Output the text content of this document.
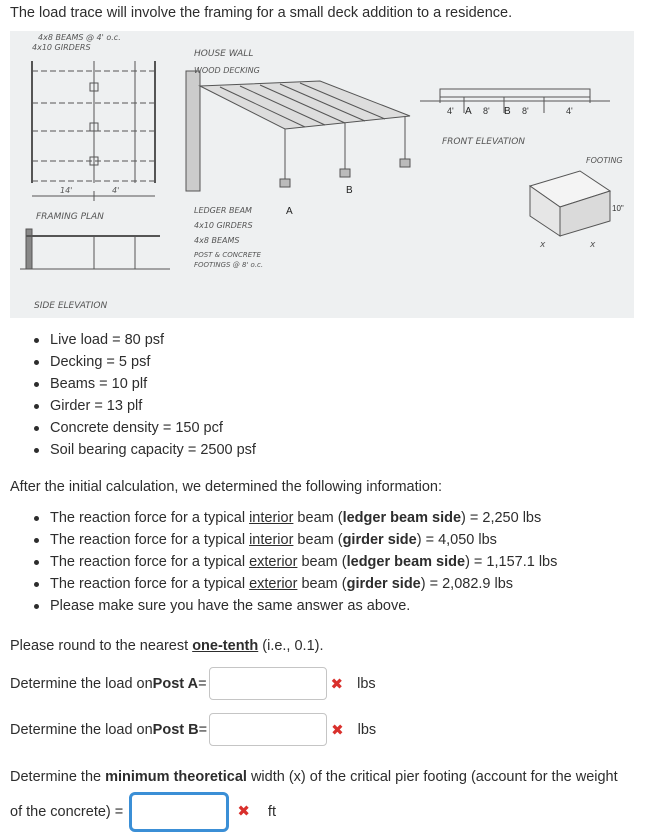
The load trace will involve the framing for a small deck addition to a residence.
4x8 BEAMS @ 4' o.c.
4x10 GIRDERS
14'	4'
FRAMING PLAN
SIDE ELEVATION
HOUSE WALL
WOOD DECKING
LEDGER BEAM
4x10 GIRDERS
4x8 BEAMS
POST & CONCRETE
FOOTINGS @ 8' o.c.
A
B
4' A 8' B 8'	4'
FRONT ELEVATION
FOOTING
10"
x	x
Live load = 80 psf
Decking = 5 psf
Beams = 10 plf
Girder = 13 plf
Concrete density = 150 pcf
Soil bearing capacity = 2500 psf
After the initial calculation, we determined the following information:
The reaction force for a typical interior beam (ledger beam side) = 2,250 lbs
The reaction force for a typical interior beam (girder side) = 4,050 lbs
The reaction force for a typical exterior beam (ledger beam side) = 1,157.1 lbs
The reaction force for a typical exterior beam (girder side) = 2,082.9 lbs
Please make sure you have the same answer as above.
Please round to the nearest one-tenth (i.e., 0.1).
Determine the load on Post A =	✖ lbs
Determine the load on Post B =	✖ lbs
Determine the minimum theoretical width (x) of the critical pier footing (account for the weight of the concrete) =	✖ ft
